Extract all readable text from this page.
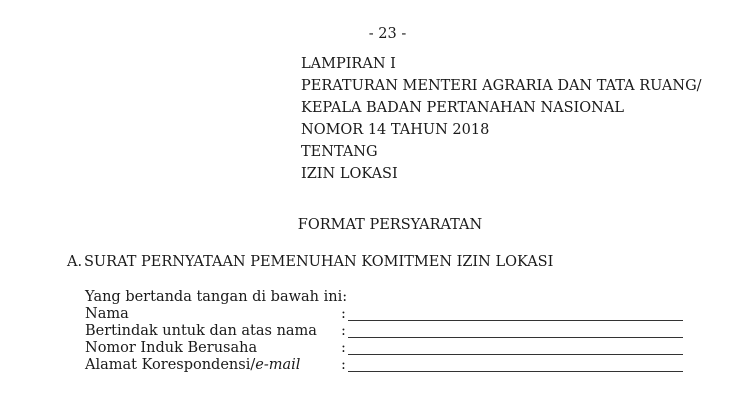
- 23 -
LAMPIRAN I
PERATURAN MENTERI AGRARIA DAN TATA RUANG/
KEPALA BADAN PERTANAHAN NASIONAL
NOMOR 14 TAHUN 2018
TENTANG
IZIN LOKASI
FORMAT PERSYARATAN
A. SURAT PERNYATAAN PEMENUHAN KOMITMEN IZIN LOKASI
Yang bertanda tangan di bawah ini:
Nama	:
Bertindak untuk dan atas nama :
Nomor Induk Berusaha	:
Alamat Korespondensi/e-mail	:
